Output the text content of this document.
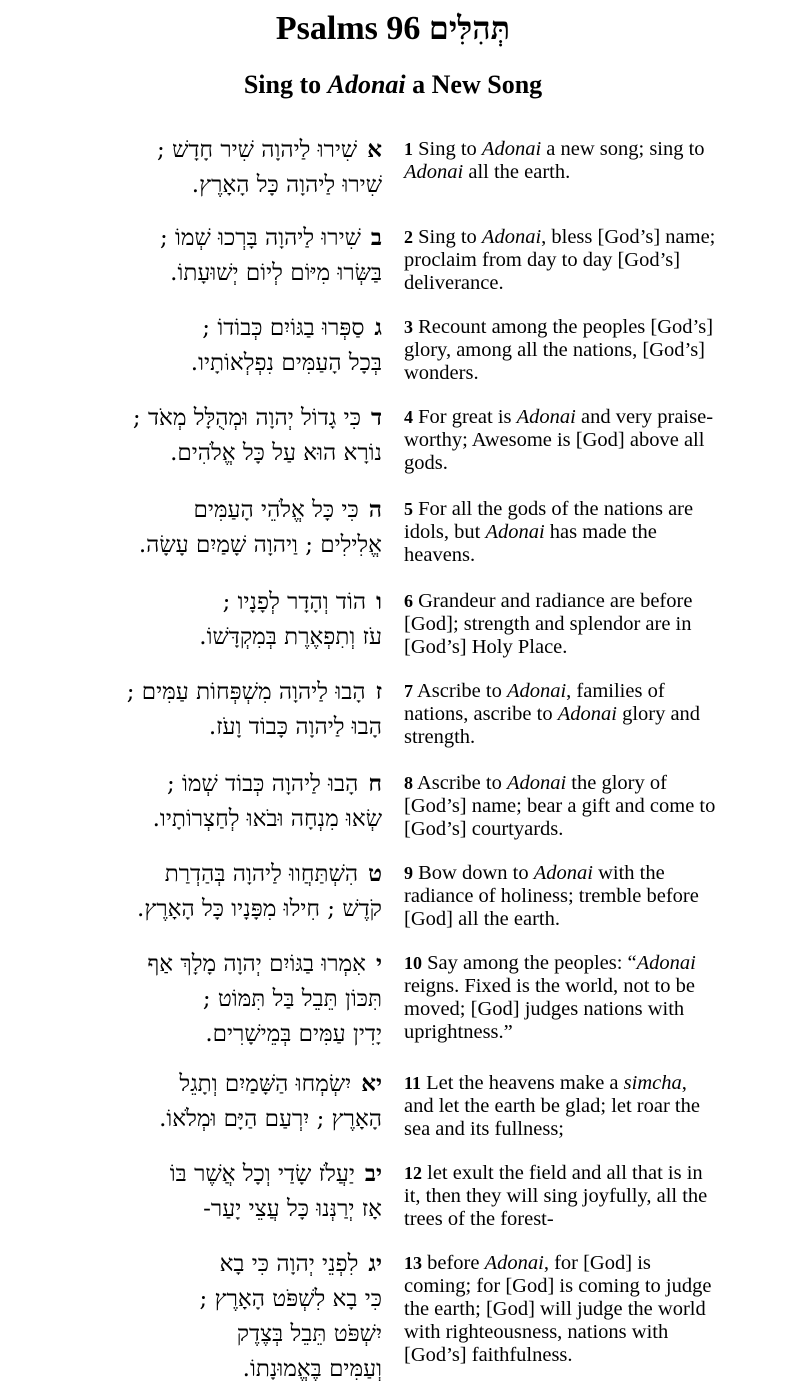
Psalms 96 תְּהִלִּים
Sing to Adonai a New Song
אשִׁירוּ לַיהוָה שִׁיר חָדָשׁ ;
שִׁירוּ לַיהוָה כָּל הָאָרֶץ.
1 Sing to Adonai a new song; sing to
Adonai all the earth.
בשִׁירוּ לַיהוָה בָּרְכוּ שְׁמוֹ ;
בַּשְּׂרוּ מִיּוֹם לְיוֹם יְשׁוּעָתוֹ.
2 Sing to Adonai, bless [God’s] name;
proclaim from day to day [God’s]
deliverance.
גסַפְּרוּ בַגּוֹיִם כְּבוֹדוֹ ;
בְּכָל הָעַמִּים נִפְלְאוֹתָיו.
3 Recount among the peoples [God’s]
glory, among all the nations, [God’s]
wonders.
דכִּי גָדוֹל יְהוָה וּמְהֻלָּל מְאֹד ;
נוֹרָא הוּא עַל כָּל אֱלֹהִים.
4 For great is Adonai and very praise-
worthy; Awesome is [God] above all
gods.
הכִּי כָּל אֱלֹהֵי הָעַמִּים
אֱלִילִים ; וַיהוָה שָׁמַיִם עָשָׂה.
5 For all the gods of the nations are
idols, but Adonai has made the
heavens.
והוֹד וְהָדָר לְפָנָיו ;
עֹז וְתִפְאֶרֶת בְּמִקְדָּשׁוֹ.
6 Grandeur and radiance are before
[God]; strength and splendor are in
[God’s] Holy Place.
זהָבוּ לַיהוָה מִשְׁפְּחוֹת עַמִּים ;
הָבוּ לַיהוָה כָּבוֹד וָעֹז.
7 Ascribe to Adonai, families of
nations, ascribe to Adonai glory and
strength.
חהָבוּ לַיהוָה כְּבוֹד שְׁמוֹ ;
שְׂאוּ מִנְחָה וּבֹאוּ לְחַצְרוֹתָיו.
8 Ascribe to Adonai the glory of
[God’s] name; bear a gift and come to
[God’s] courtyards.
טהִשְׁתַּחֲווּ לַיהוָה בְּהַדְרַת
קֹדֶשׁ ; חִילוּ מִפָּנָיו כָּל הָאָרֶץ.
9 Bow down to Adonai with the
radiance of holiness; tremble before
[God] all the earth.
יאִמְרוּ בַגּוֹיִם יְהוָה מָלָךְ אַף
תִּכּוֹן תֵּבֵל בַּל תִּמּוֹט ;
יָדִין עַמִּים בְּמֵישָׁרִים.
10 Say among the peoples: “Adonai
reigns. Fixed is the world, not to be
moved; [God] judges nations with
uprightness.”
יאיִשְׂמְחוּ הַשָּׁמַיִם וְתָגֵל
הָאָרֶץ ; יִרְעַם הַיָּם וּמְלֹאוֹ.
11 Let the heavens make a simcha,
and let the earth be glad; let roar the
sea and its fullness;
יביַעֲלֹז שָׂדַי וְכָל אֲשֶׁר בּוֹ
אָז יְרַנְּנוּ כָּל עֲצֵי יָעַר-
12 let exult the field and all that is in
it, then they will sing joyfully, all the
trees of the forest-
יגלִפְנֵי יְהוָה כִּי בָא
כִּי בָא לִשְׁפֹּט הָאָרֶץ ;
יִשְׁפֹּט תֵּבֵל בְּצֶדֶק
וְעַמִּים בֶּאֱמוּנָתוֹ.
13 before Adonai, for [God] is
coming; for [God] is coming to judge
the earth; [God] will judge the world
with righteousness, nations with
[God’s] faithfulness.
